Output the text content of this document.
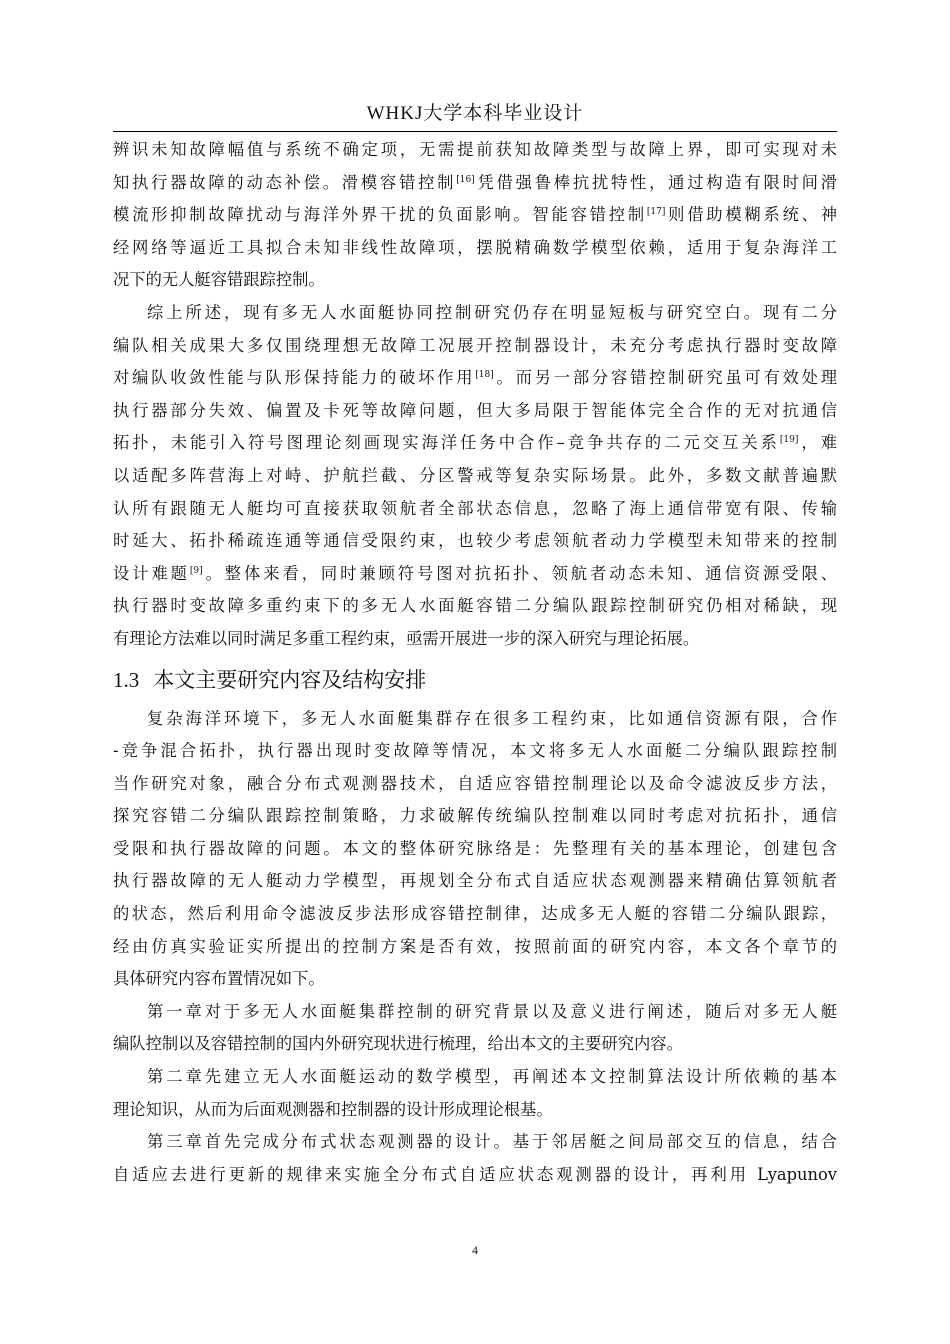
WHKJ大学本科毕业设计
辨识未知故障幅值与系统不确定项，无需提前获知故障类型与故障上界，即可实现对未
知执行器故障的动态补偿。滑模容错控制[16]凭借强鲁棒抗扰特性，通过构造有限时间滑
模流形抑制故障扰动与海洋外界干扰的负面影响。智能容错控制[17]则借助模糊系统、神
经网络等逼近工具拟合未知非线性故障项，摆脱精确数学模型依赖，适用于复杂海洋工
况下的无人艇容错跟踪控制。
综上所述，现有多无人水面艇协同控制研究仍存在明显短板与研究空白。现有二分
编队相关成果大多仅围绕理想无故障工况展开控制器设计，未充分考虑执行器时变故障
对编队收敛性能与队形保持能力的破坏作用[18]。而另一部分容错控制研究虽可有效处理
执行器部分失效、偏置及卡死等故障问题，但大多局限于智能体完全合作的无对抗通信
拓扑，未能引入符号图理论刻画现实海洋任务中合作–竞争共存的二元交互关系[19]，难
以适配多阵营海上对峙、护航拦截、分区警戒等复杂实际场景。此外，多数文献普遍默
认所有跟随无人艇均可直接获取领航者全部状态信息，忽略了海上通信带宽有限、传输
时延大、拓扑稀疏连通等通信受限约束，也较少考虑领航者动力学模型未知带来的控制
设计难题[9]。整体来看，同时兼顾符号图对抗拓扑、领航者动态未知、通信资源受限、
执行器时变故障多重约束下的多无人水面艇容错二分编队跟踪控制研究仍相对稀缺，现
有理论方法难以同时满足多重工程约束，亟需开展进一步的深入研究与理论拓展。
1.3 本文主要研究内容及结构安排
复杂海洋环境下，多无人水面艇集群存在很多工程约束，比如通信资源有限，合作
-竞争混合拓扑，执行器出现时变故障等情况，本文将多无人水面艇二分编队跟踪控制
当作研究对象，融合分布式观测器技术，自适应容错控制理论以及命令滤波反步方法，
探究容错二分编队跟踪控制策略，力求破解传统编队控制难以同时考虑对抗拓扑，通信
受限和执行器故障的问题。本文的整体研究脉络是：先整理有关的基本理论，创建包含
执行器故障的无人艇动力学模型，再规划全分布式自适应状态观测器来精确估算领航者
的状态，然后利用命令滤波反步法形成容错控制律，达成多无人艇的容错二分编队跟踪，
经由仿真实验证实所提出的控制方案是否有效，按照前面的研究内容，本文各个章节的
具体研究内容布置情况如下。
第一章对于多无人水面艇集群控制的研究背景以及意义进行阐述，随后对多无人艇
编队控制以及容错控制的国内外研究现状进行梳理，给出本文的主要研究内容。
第二章先建立无人水面艇运动的数学模型，再阐述本文控制算法设计所依赖的基本
理论知识，从而为后面观测器和控制器的设计形成理论根基。
第三章首先完成分布式状态观测器的设计。基于邻居艇之间局部交互的信息，结合
自适应去进行更新的规律来实施全分布式自适应状态观测器的设计，再利用 Lyapunov
4
